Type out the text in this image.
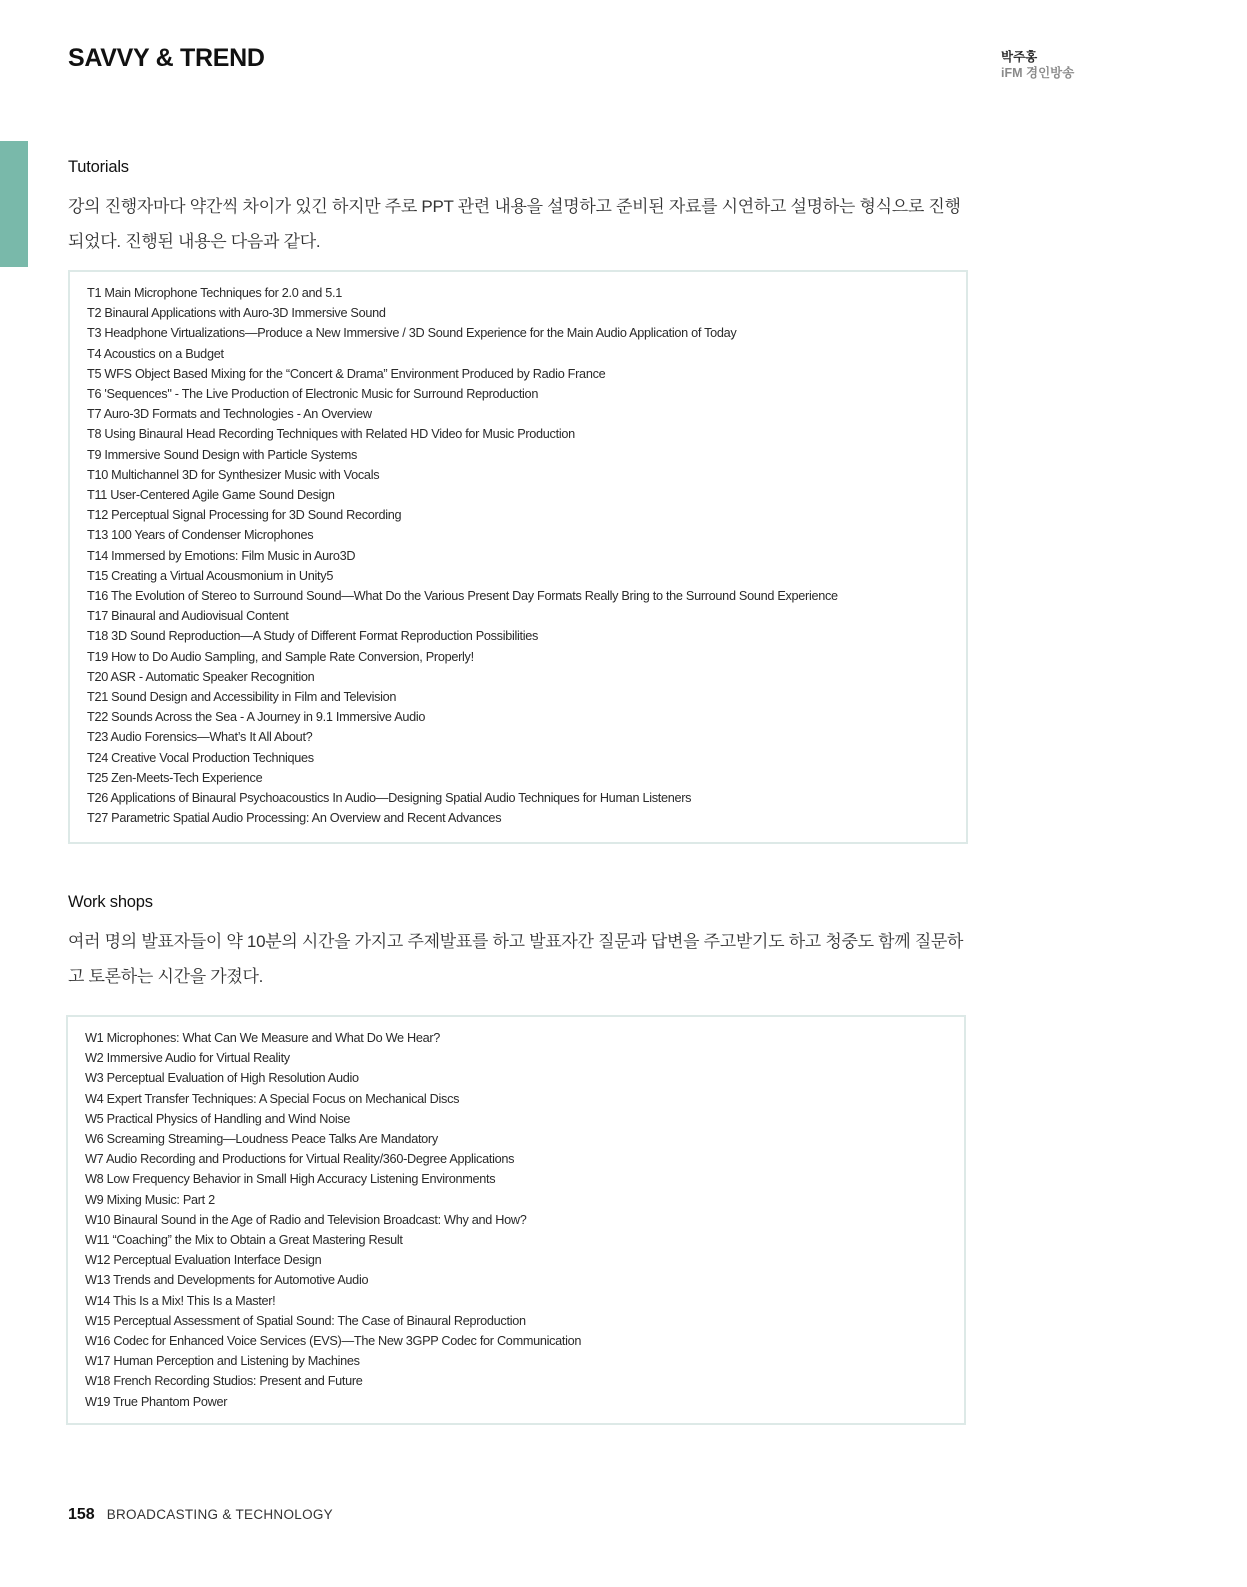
SAVVY & TREND	박주홍
iFM 경인방송
Tutorials

강의 진행자마다 약간씩 차이가 있긴 하지만 주로 PPT 관련 내용을 설명하고 준비된 자료를 시연하고 설명하는 형식으로 진행되었다. 진행된 내용은 다음과 같다.

T1 Main Microphone Techniques for 2.0 and 5.1
T2 Binaural Applications with Auro-3D Immersive Sound
T3 Headphone Virtualizations—Produce a New Immersive / 3D Sound Experience for the Main Audio Application of Today
T4 Acoustics on a Budget
T5 WFS Object Based Mixing for the “Concert & Drama” Environment Produced by Radio France
T6 'Sequences" - The Live Production of Electronic Music for Surround Reproduction
T7 Auro-3D Formats and Technologies - An Overview
T8 Using Binaural Head Recording Techniques with Related HD Video for Music Production
T9 Immersive Sound Design with Particle Systems
T10 Multichannel 3D for Synthesizer Music with Vocals
T11 User-Centered Agile Game Sound Design
T12 Perceptual Signal Processing for 3D Sound Recording
T13 100 Years of Condenser Microphones
T14 Immersed by Emotions: Film Music in Auro3D
T15 Creating a Virtual Acousmonium in Unity5
T16 The Evolution of Stereo to Surround Sound—What Do the Various Present Day Formats Really Bring to the Surround Sound Experience
T17 Binaural and Audiovisual Content
T18 3D Sound Reproduction—A Study of Different Format Reproduction Possibilities
T19 How to Do Audio Sampling, and Sample Rate Conversion, Properly!
T20 ASR - Automatic Speaker Recognition
T21 Sound Design and Accessibility in Film and Television
T22 Sounds Across the Sea - A Journey in 9.1 Immersive Audio
T23 Audio Forensics—What’s It All About?
T24 Creative Vocal Production Techniques
T25 Zen-Meets-Tech Experience
T26 Applications of Binaural Psychoacoustics In Audio—Designing Spatial Audio Techniques for Human Listeners
T27 Parametric Spatial Audio Processing: An Overview and Recent Advances
Work shops

여러 명의 발표자들이 약 10분의 시간을 가지고 주제발표를 하고 발표자간 질문과 답변을 주고받기도 하고 청중도 함께 질문하고 토론하는 시간을 가졌다.

W1 Microphones: What Can We Measure and What Do We Hear?
W2 Immersive Audio for Virtual Reality
W3 Perceptual Evaluation of High Resolution Audio
W4 Expert Transfer Techniques: A Special Focus on Mechanical Discs
W5 Practical Physics of Handling and Wind Noise
W6 Screaming Streaming—Loudness Peace Talks Are Mandatory
W7 Audio Recording and Productions for Virtual Reality/360-Degree Applications
W8 Low Frequency Behavior in Small High Accuracy Listening Environments
W9 Mixing Music: Part 2
W10 Binaural Sound in the Age of Radio and Television Broadcast: Why and How?
W11 “Coaching” the Mix to Obtain a Great Mastering Result
W12 Perceptual Evaluation Interface Design
W13 Trends and Developments for Automotive Audio
W14 This Is a Mix! This Is a Master!
W15 Perceptual Assessment of Spatial Sound: The Case of Binaural Reproduction
W16 Codec for Enhanced Voice Services (EVS)—The New 3GPP Codec for Communication
W17 Human Perception and Listening by Machines
W18 French Recording Studios: Present and Future
W19 True Phantom Power
158 BROADCASTING & TECHNOLOGY
